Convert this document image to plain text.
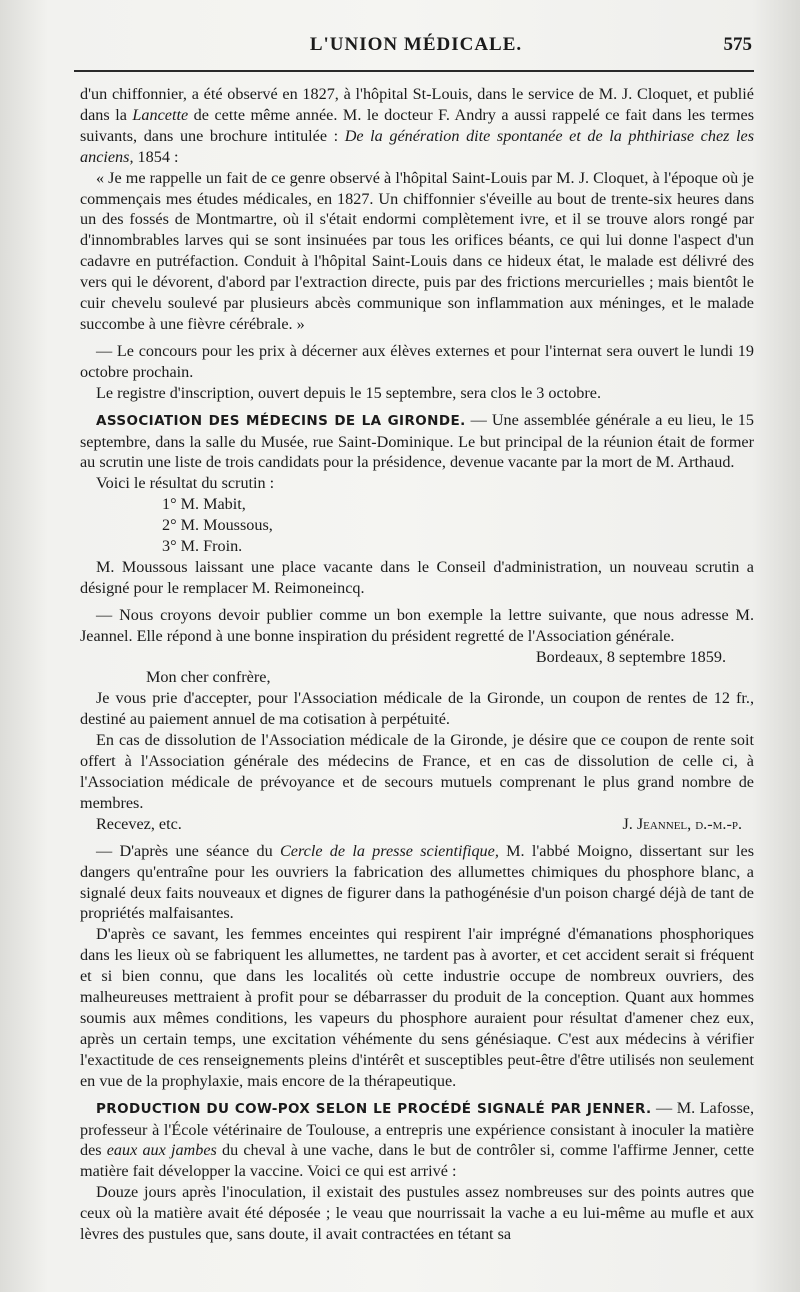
L'UNION MÉDICALE.	575

d'un chiffonnier, a été observé en 1827, à l'hôpital St-Louis, dans le service de M. J. Cloquet, et publié dans la Lancette de cette même année. M. le docteur F. Andry a aussi rappelé ce fait dans les termes suivants, dans une brochure intitulée : De la génération dite spontanée et de la phthiriase chez les anciens, 1854 :

« Je me rappelle un fait de ce genre observé à l'hôpital Saint-Louis par M. J. Cloquet, à l'époque où je commençais mes études médicales, en 1827. Un chiffonnier s'éveille au bout de trente-six heures dans un des fossés de Montmartre, où il s'était endormi complètement ivre, et il se trouve alors rongé par d'innombrables larves qui se sont insinuées par tous les orifices béants, ce qui lui donne l'aspect d'un cadavre en putréfaction. Conduit à l'hôpital Saint-Louis dans ce hideux état, le malade est délivré des vers qui le dévorent, d'abord par l'extraction directe, puis par des frictions mercurielles ; mais bientôt le cuir chevelu soulevé par plusieurs abcès communique son inflammation aux méninges, et le malade succombe à une fièvre cérébrale. »

— Le concours pour les prix à décerner aux élèves externes et pour l'internat sera ouvert le lundi 19 octobre prochain.

Le registre d'inscription, ouvert depuis le 15 septembre, sera clos le 3 octobre.

ASSOCIATION DES MÉDECINS DE LA GIRONDE. — Une assemblée générale a eu lieu, le 15 septembre, dans la salle du Musée, rue Saint-Dominique. Le but principal de la réunion était de former au scrutin une liste de trois candidats pour la présidence, devenue vacante par la mort de M. Arthaud.

Voici le résultat du scrutin :

1° M. Mabit,

2° M. Moussous,

3° M. Froin.

M. Moussous laissant une place vacante dans le Conseil d'administration, un nouveau scrutin a désigné pour le remplacer M. Reimoneincq.

— Nous croyons devoir publier comme un bon exemple la lettre suivante, que nous adresse M. Jeannel. Elle répond à une bonne inspiration du président regretté de l'Association générale.

Bordeaux, 8 septembre 1859.

Mon cher confrère,

Je vous prie d'accepter, pour l'Association médicale de la Gironde, un coupon de rentes de 12 fr., destiné au paiement annuel de ma cotisation à perpétuité.

En cas de dissolution de l'Association médicale de la Gironde, je désire que ce coupon de rente soit offert à l'Association générale des médecins de France, et en cas de dissolution de celle ci, à l'Association médicale de prévoyance et de secours mutuels comprenant le plus grand nombre de membres.

Recevez, etc.	J. Jeannel, d.-m.-p.

— D'après une séance du Cercle de la presse scientifique, M. l'abbé Moigno, dissertant sur les dangers qu'entraîne pour les ouvriers la fabrication des allumettes chimiques du phosphore blanc, a signalé deux faits nouveaux et dignes de figurer dans la pathogénésie d'un poison chargé déjà de tant de propriétés malfaisantes.

D'après ce savant, les femmes enceintes qui respirent l'air imprégné d'émanations phosphoriques dans les lieux où se fabriquent les allumettes, ne tardent pas à avorter, et cet accident serait si fréquent et si bien connu, que dans les localités où cette industrie occupe de nombreux ouvriers, des malheureuses mettraient à profit pour se débarrasser du produit de la conception. Quant aux hommes soumis aux mêmes conditions, les vapeurs du phosphore auraient pour résultat d'amener chez eux, après un certain temps, une excitation véhémente du sens génésiaque. C'est aux médecins à vérifier l'exactitude de ces renseignements pleins d'intérêt et susceptibles peut-être d'être utilisés non seulement en vue de la prophylaxie, mais encore de la thérapeutique.

PRODUCTION DU COW-POX SELON LE PROCÉDÉ SIGNALÉ PAR JENNER. — M. Lafosse, professeur à l'École vétérinaire de Toulouse, a entrepris une expérience consistant à inoculer la matière des eaux aux jambes du cheval à une vache, dans le but de contrôler si, comme l'affirme Jenner, cette matière fait développer la vaccine. Voici ce qui est arrivé :

Douze jours après l'inoculation, il existait des pustules assez nombreuses sur des points autres que ceux où la matière avait été déposée ; le veau que nourrissait la vache a eu lui-même au mufle et aux lèvres des pustules que, sans doute, il avait contractées en tétant sa
